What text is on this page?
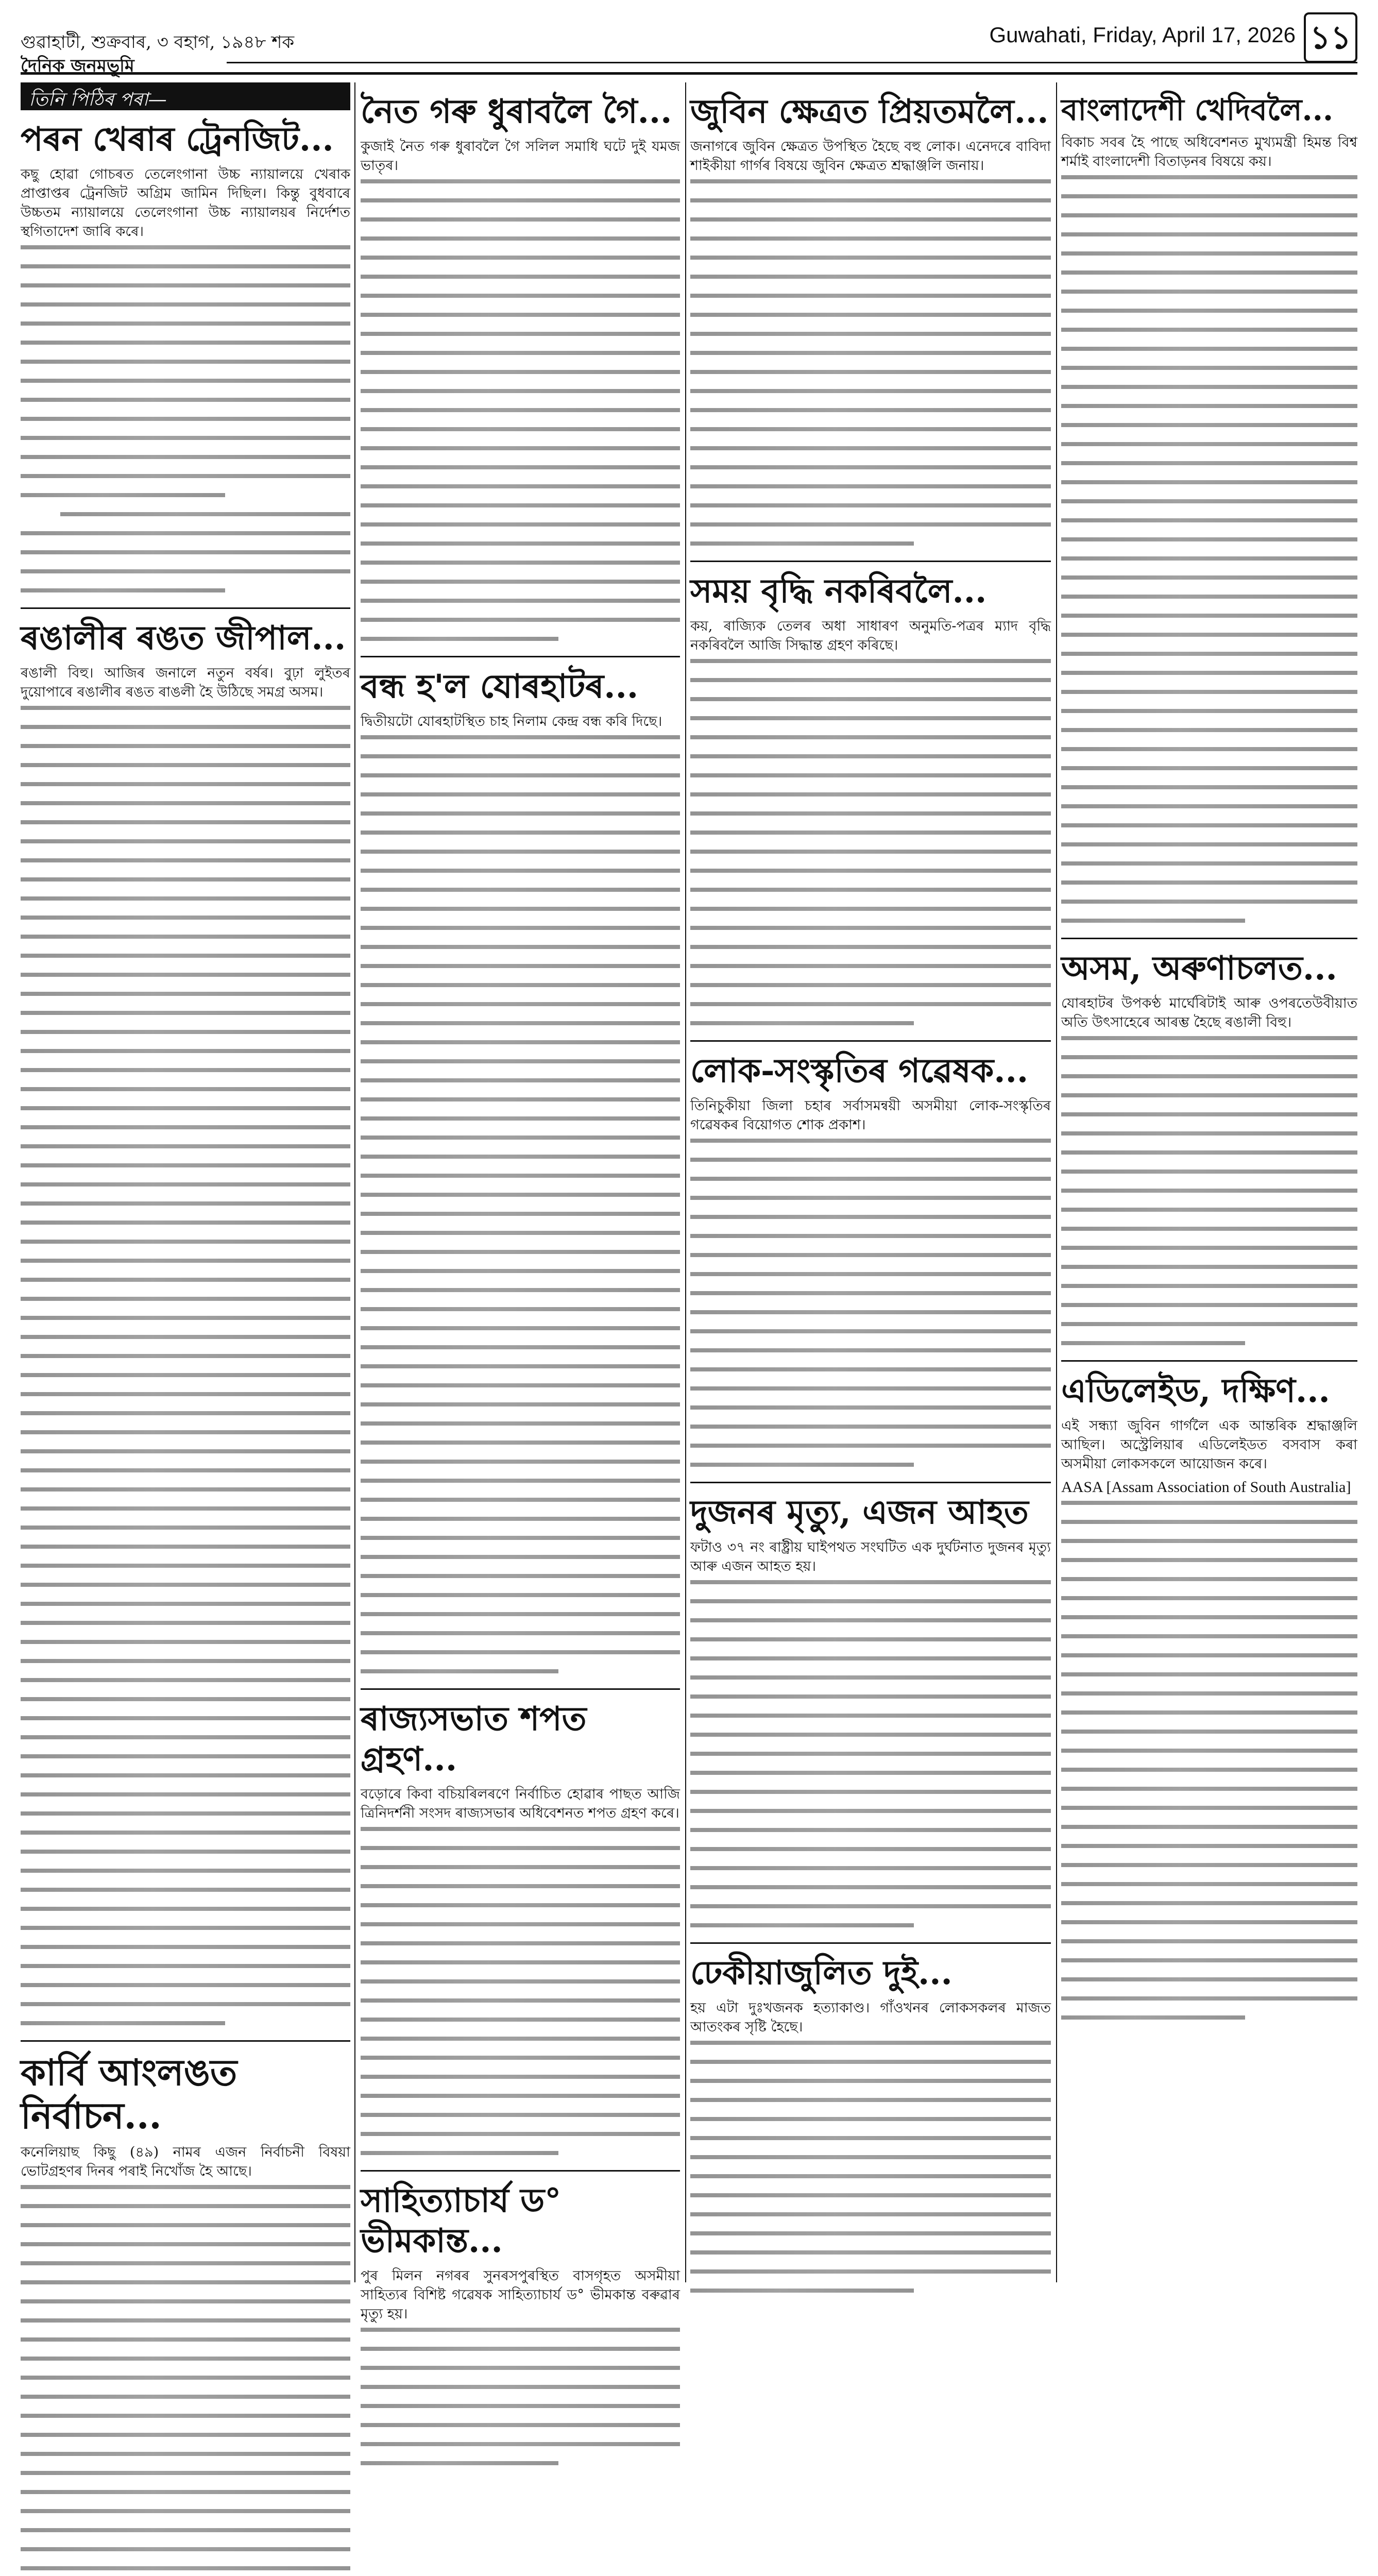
গুৱাহাটী, শুক্ৰবাৰ, ৩ বহাগ, ১৯৪৮ শক	Guwahati, Friday, April 17, 2026 ১১
দৈনিক জনমভূমি
তিনি পিঠিৰ পৰা—
পৰন খেৰাৰ ট্ৰেনজিট...

কছু হোৱা গোচৰত তেলেংগানা উচ্চ ন্যায়ালয়ে খেৰাক প্ৰাপ্তাপ্তৰ ট্ৰেনজিট অগ্ৰিম জামিন দিছিল। কিন্তু বুধবাৰে উচ্চতম ন্যায়ালয়ে তেলেংগানা উচ্চ ন্যায়ালয়ৰ নিৰ্দেশত স্থগিতাদেশ জাৰি কৰে।

ৰঙালীৰ ৰঙত জীপাল...

ৰঙালী বিহু। আজিৰ জনালে নতুন বৰ্ষৰ। বুঢ়া লুইতৰ দুয়োপাৰে ৰঙালীৰ ৰঙত ৰাঙলী হৈ উঠিছে সমগ্ৰ অসম।

কাৰ্বি আংলঙত নিৰ্বাচন...

কনেলিয়াছ কিছু (৪৯) নামৰ এজন নিৰ্বাচনী বিষয়া ভোটগ্ৰহণৰ দিনৰ পৰাই নিখোঁজ হৈ আছে।

নৈত গৰু ধুৰাবলৈ গৈ...

কুজাই নৈত গৰু ধুৰাবলৈ গৈ সলিল সমাধি ঘটে দুই যমজ ভাতৃৰ।

বন্ধ হ'ল যোৰহাটৰ...

দ্বিতীয়টো যোৰহাটস্থিত চাহ নিলাম কেন্দ্ৰ বন্ধ কৰি দিছে।

ৰাজ্যসভাত শপত গ্ৰহণ...

বড়োৰে কিবা বচিয়ৰিলৰণে নিৰ্বাচিত হোৱাৰ পাছত আজি ত্ৰিনিদৰ্শনী সংসদ ৰাজ্যসভাৰ অধিবেশনত শপত গ্ৰহণ কৰে।

সাহিত্যাচাৰ্য ড° ভীমকান্ত...

পুৰ মিলন নগৰৰ সুনৰসপুৰস্থিত বাসগৃহত অসমীয়া সাহিত্যৰ বিশিষ্ট গৱেষক সাহিত্যাচাৰ্য ড° ভীমকান্ত বৰুৱাৰ মৃত্যু হয়।

জুবিন ক্ষেত্ৰত প্ৰিয়তমলৈ...

জনাগৰে জুবিন ক্ষেত্ৰত উপস্থিত হৈছে বহু লোক। এনেদৰে বাবিদা শাইকীয়া গাৰ্গৰ বিষয়ে জুবিন ক্ষেত্ৰত শ্ৰদ্ধাঞ্জলি জনায়।

সময় বৃদ্ধি নকৰিবলৈ...

কয়, ৰাজ্যিক তেলৰ অধা সাধাৰণ অনুমতি-পত্ৰৰ ম্যাদ বৃদ্ধি নকৰিবলৈ আজি সিদ্ধান্ত গ্ৰহণ কৰিছে।

লোক-সংস্কৃতিৰ গৱেষক...

তিনিচুকীয়া জিলা চহাৰ সৰ্বাসমন্বয়ী অসমীয়া লোক-সংস্কৃতিৰ গৱেষকৰ বিয়োগত শোক প্ৰকাশ।

দুজনৰ মৃত্যু, এজন আহত

ফটাও ৩৭ নং ৰাষ্ট্ৰীয় ঘাইপথত সংঘটিত এক দুৰ্ঘটনাত দুজনৰ মৃত্যু আৰু এজন আহত হয়।

ঢেকীয়াজুলিত দুই...

হয় এটা দুঃখজনক হত্যাকাণ্ড। গাঁওখনৰ লোকসকলৰ মাজত আতংকৰ সৃষ্টি হৈছে।

বাংলাদেশী খেদিবলৈ...

বিকাচ সবৰ হৈ পাছে অধিবেশনত মুখ্যমন্ত্ৰী হিমন্ত বিশ্ব শৰ্মাই বাংলাদেশী বিতাড়নৰ বিষয়ে কয়।

অসম, অৰুণাচলত...

যোৰহাটৰ উপকণ্ঠ মাৰ্ঘেৰিটাই আৰু ওপৰতেউবীয়াত অতি উৎসাহেৰে আৰম্ভ হৈছে ৰঙালী বিহু।

এডিলেইড, দক্ষিণ...

এই সন্ধ্যা জুবিন গাৰ্গলৈ এক আন্তৰিক শ্ৰদ্ধাঞ্জলি আছিল। অস্ট্ৰেলিয়াৰ এডিলেইডত বসবাস কৰা অসমীয়া লোকসকলে আয়োজন কৰে।

AASA [Assam Association of South Australia]
